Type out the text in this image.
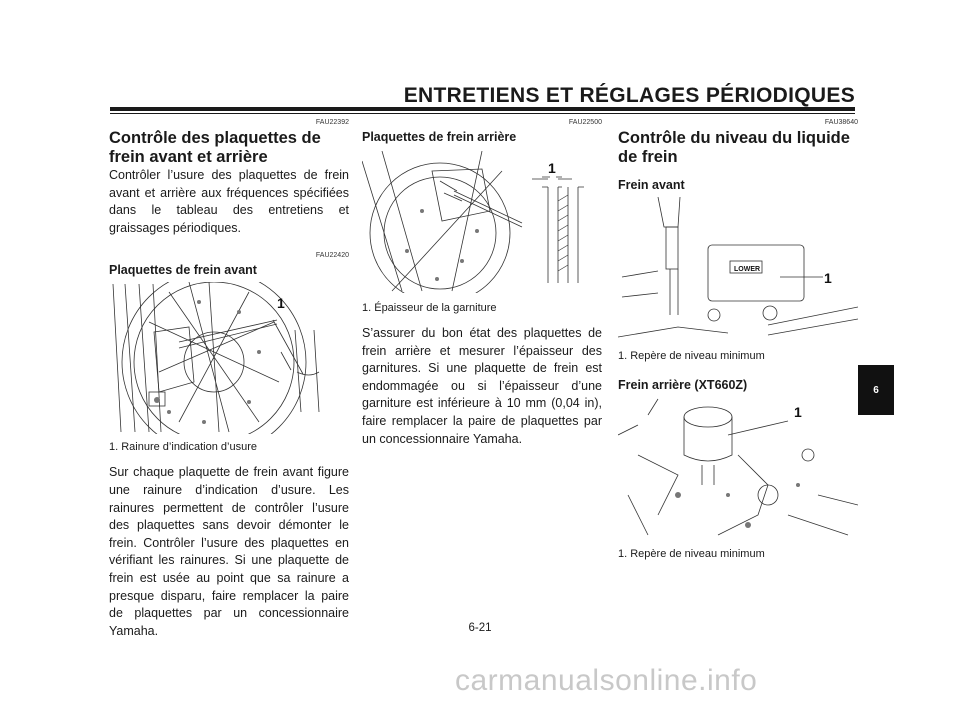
ENTRETIENS ET RÉGLAGES PÉRIODIQUES
FAU22392
Contrôle des plaquettes de frein avant et arrière

Contrôler l’usure des plaquettes de frein avant et arrière aux fréquences spécifiées dans le tableau des entretiens et graissages périodiques.

FAU22420
Plaquettes de frein avant
1

1. Rainure d’indication d’usure

Sur chaque plaquette de frein avant figure une rainure d’indication d’usure. Les rainures permettent de contrôler l’usure des plaquettes sans devoir démonter le frein. Contrôler l’usure des plaquettes en vérifiant les rainures. Si une plaquette de frein est usée au point que sa rainure a presque disparu, faire remplacer la paire de plaquettes par un concessionnaire Yamaha.

FAU22500
Plaquettes de frein arrière
1

1. Épaisseur de la garniture

S’assurer du bon état des plaquettes de frein arrière et mesurer l’épaisseur des garnitures. Si une plaquette de frein est endommagée ou si l’épaisseur d’une garniture est inférieure à 10 mm (0,04 in), faire remplacer la paire de plaquettes par un concessionnaire Yamaha.

FAU38640
Contrôle du niveau du liquide de frein
Frein avant
LOWER
1

1. Repère de niveau minimum

Frein arrière (XT660Z)
1

1. Repère de niveau minimum

6
6-21
carmanualsonline.info
